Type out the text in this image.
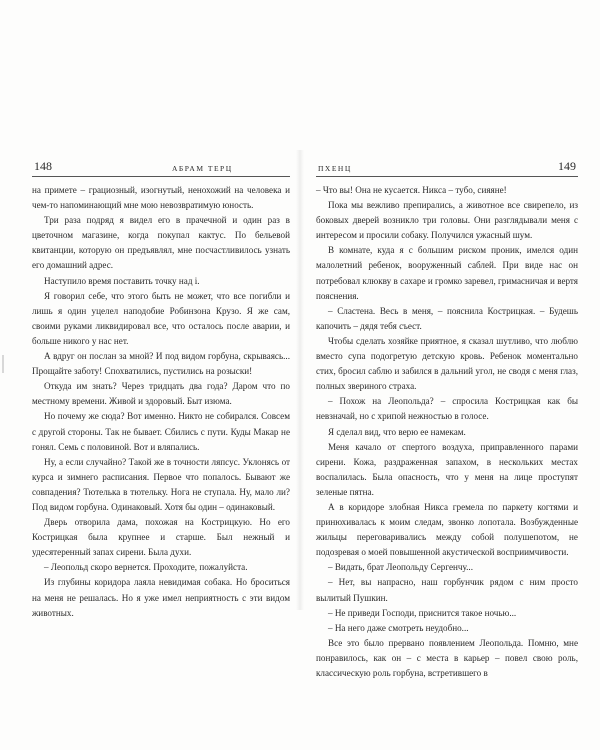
148	АБРАМ ТЕРЦ

на примете – грациозный, изогнутый, ненохожий на человека и чем-то напоминающий мне мою невозвратимую юность.

Три раза подряд я видел его в прачечной и один раз в цветочном магазине, когда покупал кактус. По бельевой квитанции, которую он предъявлял, мне посчастливилось узнать его домашний адрес.

Наступило время поставить точку над i.

Я говорил себе, что этого быть не может, что все погибли и лишь я один уцелел наподобие Робинзона Крузо. Я же сам, своими руками ликвидировал все, что осталось после аварии, и больше никого у нас нет.

А вдруг он послан за мной? И под видом горбуна, скрываясь... Прощайте заботу! Спохватились, пустились на розыски!

Откуда им знать? Через тридцать два года? Даром что по местному времени. Живой и здоровый. Быт изюма.

Но почему же сюда? Вот именно. Никто не собирался. Совсем с другой стороны. Так не бывает. Сбились с пути. Куды Макар не гонял. Семь с половиной. Вот и вляпались.

Ну, а если случайно? Такой же в точности ляпсус. Уклонясь от курса и зимнего расписания. Первое что попалось. Бывают же совпадения? Тютелька в тютельку. Нога не ступала. Ну, мало ли? Под видом горбуна. Одинаковый. Хотя бы один – одинаковый.

Дверь отворила дама, похожая на Кострицкую. Но его Кострицкая была крупнее и старше. Был нежный и удесятеренный запах сирени. Была духи.

– Леопольд скоро вернется. Проходите, пожалуйста.

Из глубины коридора лаяла невидимая собака. Но броситься на меня не решалась. Но я уже имел неприятность с эти видом животных.

ПХЕНЦ	149

– Что вы! Она не кусается. Никса – тубо, сияяне!

Пока мы вежливо препирались, а животное все свирепело, из боковых дверей возникло три головы. Они разглядывали меня с интересом и просили собаку. Получился ужасный шум.

В комнате, куда я с большим риском проник, имелся один малолетний ребенок, вооруженный саблей. При виде нас он потребовал клюкву в сахаре и громко заревел, гримасничая и вертя пояснения.

– Сластена. Весь в меня, – пояснила Кострицкая. – Будешь капочить – дядя тебя съест.

Чтобы сделать хозяйке приятное, я сказал шутливо, что люблю вместо супа подогретую детскую кровь. Ребенок моментально стих, бросил саблю и забился в дальний угол, не сводя с меня глаз, полных звериного страха.

– Похож на Леопольда? – спросила Кострицкая как бы невзначай, но с хрипой нежностью в голосе.

Я сделал вид, что верю ее намекам.

Меня качало от спертого воздуха, приправленного парами сирени. Кожа, раздраженная запахом, в нескольких местах воспалилась. Была опасность, что у меня на лице проступят зеленые пятна.

А в коридоре злобная Никса гремела по паркету когтями и принюхивалась к моим следам, звонко лопотала. Возбужденные жильцы переговаривались между собой полушепотом, не подозревая о моей повышенной акустической восприимчивости.

– Видать, брат Леопольду Сергенчу...

– Нет, вы напрасно, наш горбунчик рядом с ним просто вылитый Пушкин.

– Не приведи Господи, приснится такое ночью...

– На него даже смотреть неудобно...

Все это было прервано появлением Леопольда. Помню, мне понравилось, как он – с места в карьер – повел свою роль, классическую роль горбуна, встретившего в
